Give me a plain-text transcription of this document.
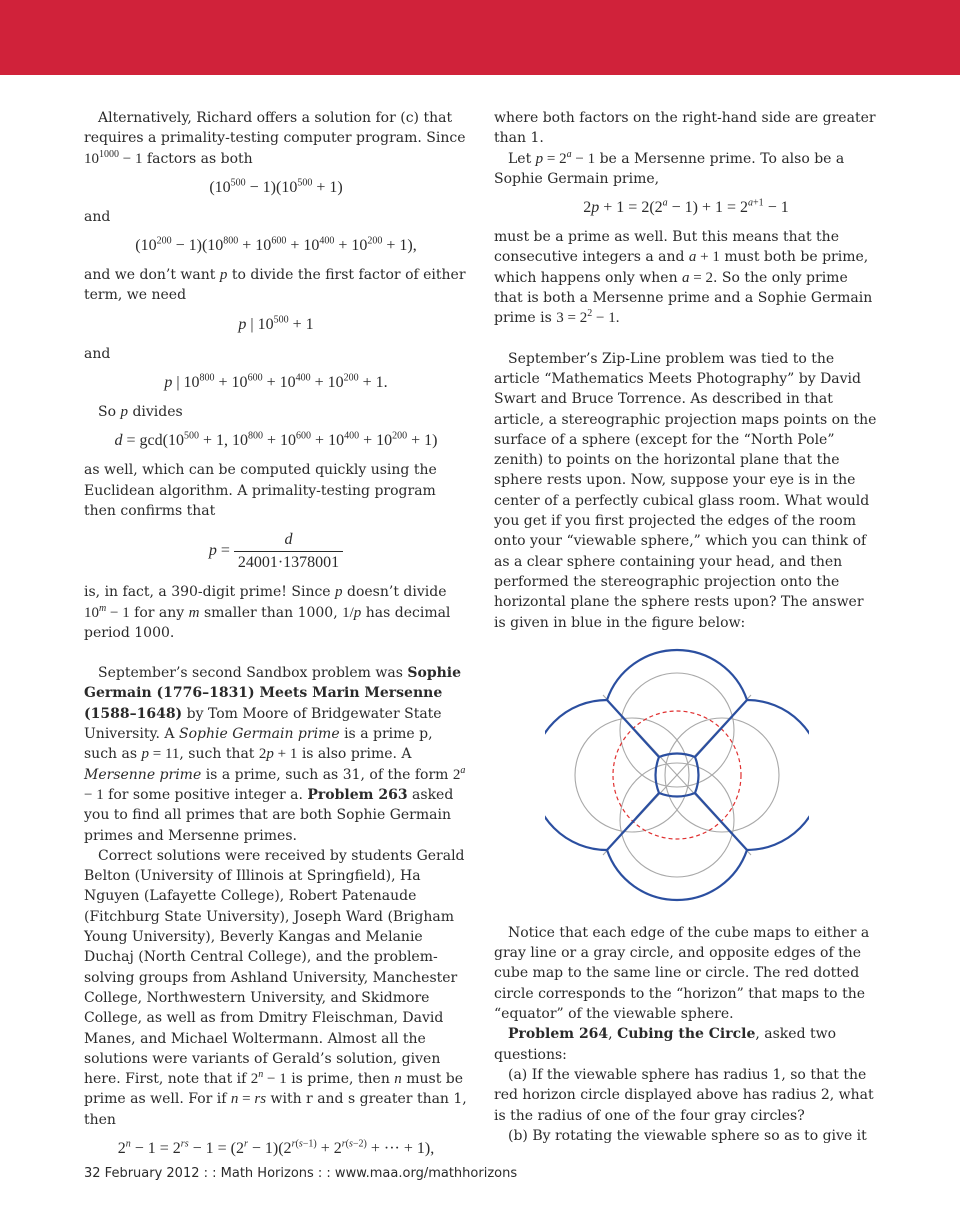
Alternatively, Richard offers a solution for (c) that requires a primality-testing computer program. Since $10^{1000} - 1$ factors as both

$(10^{500} - 1)(10^{500} + 1)$

and

$(10^{200} - 1)(10^{800} + 10^{600} + 10^{400} + 10^{200} + 1)$,

and we don’t want p to divide the first factor of either term, we need

p | $10^{500} + 1$

and

p | $10^{800} + 10^{600} + 10^{400} + 10^{200} + 1$.

So p divides

$d = \gcd(10^{500} + 1$, $10^{800} + 10^{600} + 10^{400} + 10^{200} + 1$)

as well, which can be computed quickly using the Euclidean algorithm. A primality-testing program then confirms that

$p = \frac{d}{24001\cdot 1378001}$

is, in fact, a 390-digit prime! Since p doesn’t divide $10^m - 1$ for any m smaller than 1000, 1/p has decimal period 1000.

September’s second Sandbox problem was Sophie Germain (1776–1831) Meets Marin Mersenne (1588–1648) by Tom Moore of Bridgewater State University. A Sophie Germain prime is a prime p, such as p = 11, such that 2p + 1 is also prime. A Mersenne prime is a prime, such as 31, of the form $2^a - 1$ for some positive integer a. Problem 263 asked you to find all primes that are both Sophie Germain primes and Mersenne primes.

Correct solutions were received by students Gerald Belton (University of Illinois at Springfield), Ha Nguyen (Lafayette College), Robert Patenaude (Fitchburg State University), Joseph Ward (Brigham Young University), Beverly Kangas and Melanie Duchaj (North Central College), and the problem-solving groups from Ashland University, Manchester College, Northwestern University, and Skidmore College, as well as from Dmitry Fleischman, David Manes, and Michael Woltermann. Almost all the solutions were variants of Gerald’s solution, given here. First, note that if $2^n - 1$ is prime, then n must be prime as well. For if n = rs with r and s greater than 1, then

$2^n - 1 = 2^{rs} - 1 = (2^r - 1)(2^{r(s-1)} + 2^{r(s-2)}$ + ··· + 1),

where both factors on the right-hand side are greater than 1.

Let $p = 2^a - 1$ be a Mersenne prime. To also be a Sophie Germain prime,

$2p + 1 = 2(2^a - 1) + 1 = 2^{a+1} - 1$

must be a prime as well. But this means that the consecutive integers a and a + 1 must both be prime, which happens only when a = 2. So the only prime that is both a Mersenne prime and a Sophie Germain prime is $3 = 2^2 - 1$.

September’s Zip-Line problem was tied to the article “Mathematics Meets Photography” by David Swart and Bruce Torrence. As described in that article, a stereographic projection maps points on the surface of a sphere (except for the “North Pole” zenith) to points on the horizontal plane that the sphere rests upon. Now, suppose your eye is in the center of a perfectly cubical glass room. What would you get if you first projected the edges of the room onto your “viewable sphere,” which you can think of as a clear sphere containing your head, and then performed the stereographic projection onto the horizontal plane the sphere rests upon? The answer is given in blue in the figure below:

Notice that each edge of the cube maps to either a gray line or a gray circle, and opposite edges of the cube map to the same line or circle. The red dotted circle corresponds to the “horizon” that maps to the “equator” of the viewable sphere.

Problem 264, Cubing the Circle, asked two questions:

(a) If the viewable sphere has radius 1, so that the red horizon circle displayed above has radius 2, what is the radius of one of the four gray circles?

(b) By rotating the viewable sphere so as to give it

32 February 2012 : : Math Horizons : : www.maa.org/mathhorizons
